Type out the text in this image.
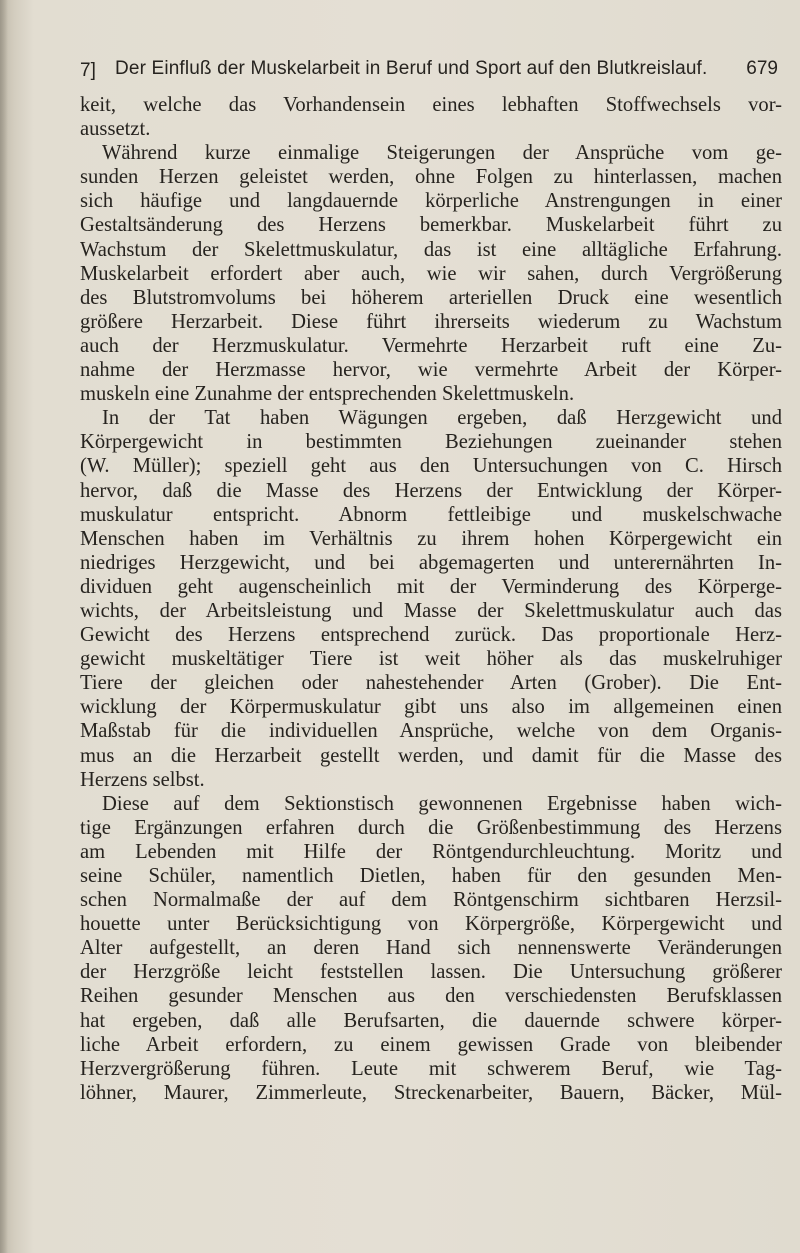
7] Der Einfluß der Muskelarbeit in Beruf und Sport auf den Blutkreislauf. 679
keit, welche das Vorhandensein eines lebhaften Stoffwechsels vor-
aussetzt.
Während kurze einmalige Steigerungen der Ansprüche vom ge-
sunden Herzen geleistet werden, ohne Folgen zu hinterlassen, machen
sich häufige und langdauernde körperliche Anstrengungen in einer
Gestaltsänderung des Herzens bemerkbar. Muskelarbeit führt zu
Wachstum der Skelettmuskulatur, das ist eine alltägliche Erfahrung.
Muskelarbeit erfordert aber auch, wie wir sahen, durch Vergrößerung
des Blutstromvolums bei höherem arteriellen Druck eine wesentlich
größere Herzarbeit. Diese führt ihrerseits wiederum zu Wachstum
auch der Herzmuskulatur. Vermehrte Herzarbeit ruft eine Zu-
nahme der Herzmasse hervor, wie vermehrte Arbeit der Körper-
muskeln eine Zunahme der entsprechenden Skelettmuskeln.
In der Tat haben Wägungen ergeben, daß Herzgewicht und
Körpergewicht in bestimmten Beziehungen zueinander stehen
(W. Müller); speziell geht aus den Untersuchungen von C. Hirsch
hervor, daß die Masse des Herzens der Entwicklung der Körper-
muskulatur entspricht. Abnorm fettleibige und muskelschwache
Menschen haben im Verhältnis zu ihrem hohen Körpergewicht ein
niedriges Herzgewicht, und bei abgemagerten und unterernährten In-
dividuen geht augenscheinlich mit der Verminderung des Körperge-
wichts, der Arbeitsleistung und Masse der Skelettmuskulatur auch das
Gewicht des Herzens entsprechend zurück. Das proportionale Herz-
gewicht muskeltätiger Tiere ist weit höher als das muskelruhiger
Tiere der gleichen oder nahestehender Arten (Grober). Die Ent-
wicklung der Körpermuskulatur gibt uns also im allgemeinen einen
Maßstab für die individuellen Ansprüche, welche von dem Organis-
mus an die Herzarbeit gestellt werden, und damit für die Masse des
Herzens selbst.
Diese auf dem Sektionstisch gewonnenen Ergebnisse haben wich-
tige Ergänzungen erfahren durch die Größenbestimmung des Herzens
am Lebenden mit Hilfe der Röntgendurchleuchtung. Moritz und
seine Schüler, namentlich Dietlen, haben für den gesunden Men-
schen Normalmaße der auf dem Röntgenschirm sichtbaren Herzsil-
houette unter Berücksichtigung von Körpergröße, Körpergewicht und
Alter aufgestellt, an deren Hand sich nennenswerte Veränderungen
der Herzgröße leicht feststellen lassen. Die Untersuchung größerer
Reihen gesunder Menschen aus den verschiedensten Berufsklassen
hat ergeben, daß alle Berufsarten, die dauernde schwere körper-
liche Arbeit erfordern, zu einem gewissen Grade von bleibender
Herzvergrößerung führen. Leute mit schwerem Beruf, wie Tag-
löhner, Maurer, Zimmerleute, Streckenarbeiter, Bauern, Bäcker, Mül-
